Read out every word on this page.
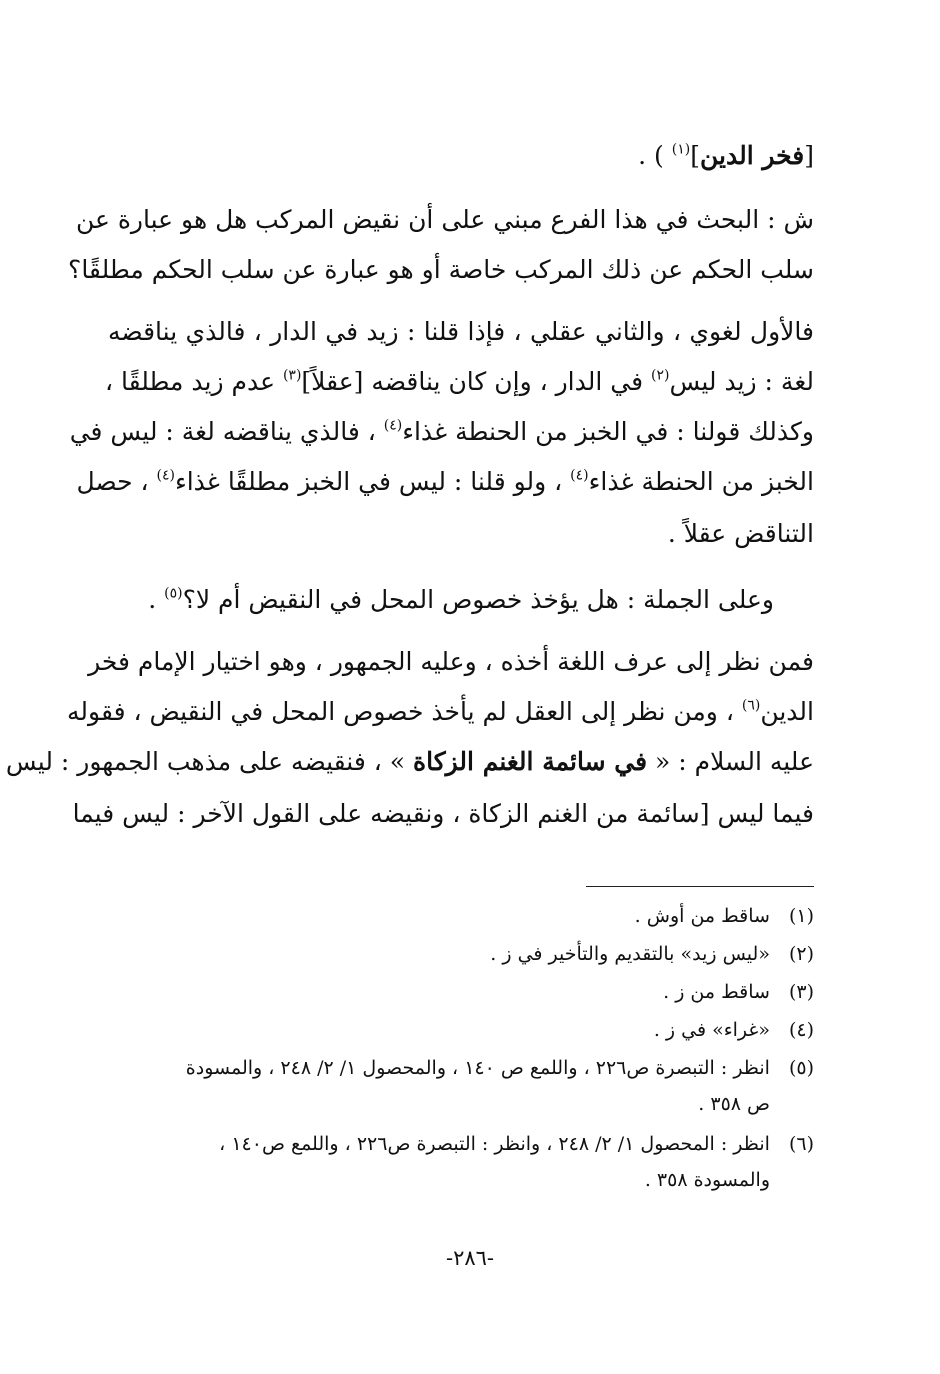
[فخر الدين]$^{(١)}$ ) .
ش : البحث في هذا الفرع مبني على أن نقيض المركب هل هو عبارة عن
سلب الحكم عن ذلك المركب خاصة أو هو عبارة عن سلب الحكم مطلقًا؟
فالأول لغوي ، والثاني عقلي ، فإذا قلنا : زيد في الدار ، فالذي يناقضه
لغة : زيد ليس$^{(٢)}$ في الدار ، وإن كان يناقضه [عقلاً]$^{(٣)}$ عدم زيد مطلقًا ،
وكذلك قولنا : في الخبز من الحنطة غذاء$^{(٤)}$ ، فالذي يناقضه لغة : ليس في
الخبز من الحنطة غذاء$^{(٤)}$ ، ولو قلنا : ليس في الخبز مطلقًا غذاء$^{(٤)}$ ، حصل
التناقض عقلاً .
وعلى الجملة : هل يؤخذ خصوص المحل في النقيض أم لا؟$^{(٥)}$ .
فمن نظر إلى عرف اللغة أخذه ، وعليه الجمهور ، وهو اختيار الإمام فخر
الدين$^{(٦)}$ ، ومن نظر إلى العقل لم يأخذ خصوص المحل في النقيض ، فقوله
عليه السلام : « في سائمة الغنم الزكاة » ، فنقيضه على مذهب الجمهور : ليس
فيما ليس [سائمة من الغنم الزكاة ، ونقيضه على القول الآخر : ليس فيما
(١) ساقط من أوش .
(٢) «ليس زيد» بالتقديم والتأخير في ز .
(٣) ساقط من ز .
(٤) «غراء» في ز .
(٥) انظر : التبصرة ص٢٢٦ ، واللمع ص ١٤٠ ، والمحصول ١/ ٢/ ٢٤٨ ، والمسودة
ص ٣٥٨ .
(٦) انظر : المحصول ١/ ٢/ ٢٤٨ ، وانظر : التبصرة ص٢٢٦ ، واللمع ص١٤٠ ،
والمسودة ٣٥٨ .
-٢٨٦-
